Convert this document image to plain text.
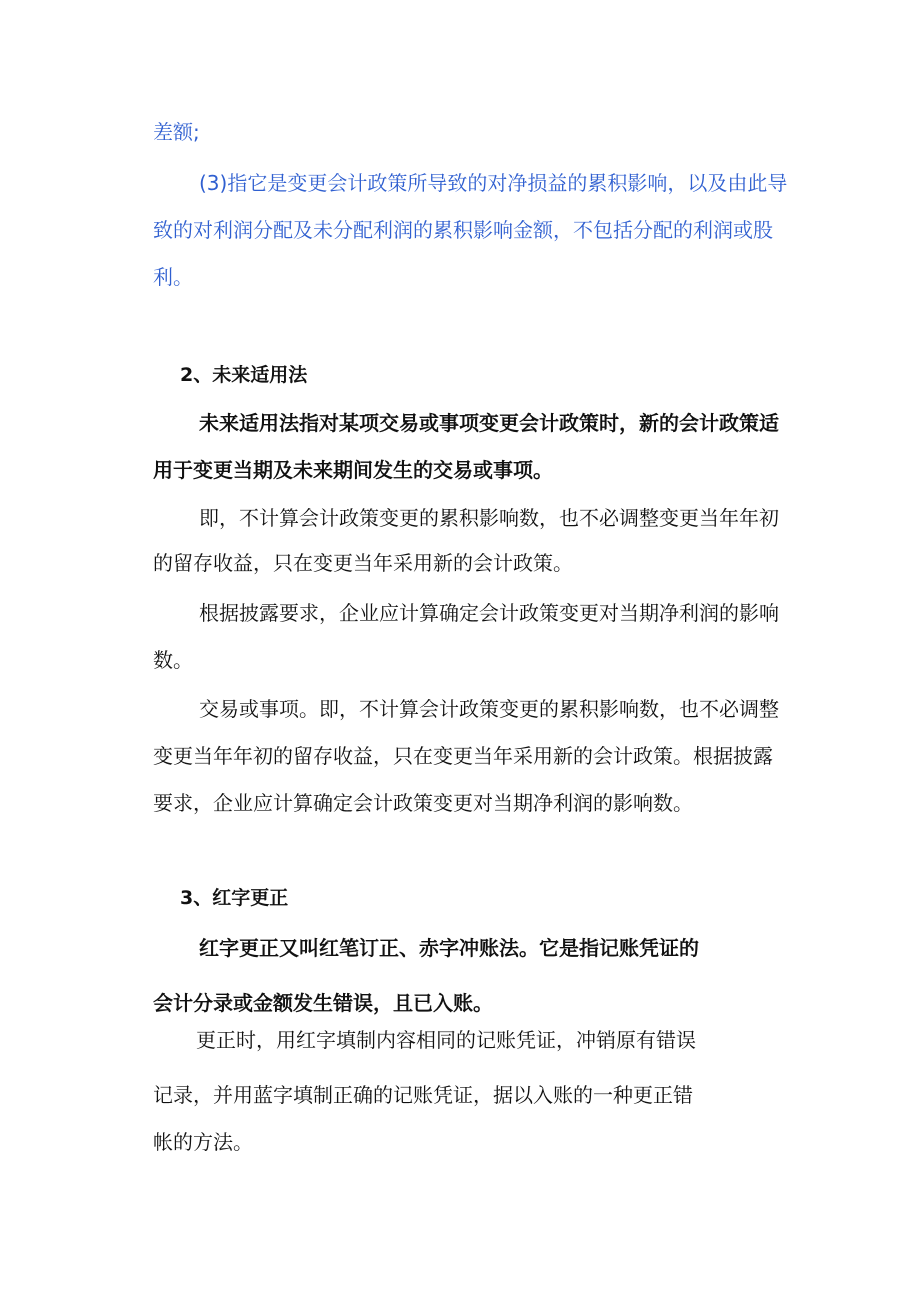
差额;

(3)指它是变更会计政策所导致的对净损益的累积影响，以及由此导

致的对利润分配及未分配利润的累积影响金额，不包括分配的利润或股

利。

2、未来适用法

未来适用法指对某项交易或事项变更会计政策时，新的会计政策适

用于变更当期及未来期间发生的交易或事项。

即，不计算会计政策变更的累积影响数，也不必调整变更当年年初

的留存收益，只在变更当年采用新的会计政策。

根据披露要求，企业应计算确定会计政策变更对当期净利润的影响

数。

交易或事项。即，不计算会计政策变更的累积影响数，也不必调整

变更当年年初的留存收益，只在变更当年采用新的会计政策。根据披露

要求，企业应计算确定会计政策变更对当期净利润的影响数。

3、红字更正

红字更正又叫红笔订正、赤字冲账法。它是指记账凭证的

会计分录或金额发生错误，且已入账。

更正时，用红字填制内容相同的记账凭证，冲销原有错误

记录，并用蓝字填制正确的记账凭证，据以入账的一种更正错

帐的方法。
